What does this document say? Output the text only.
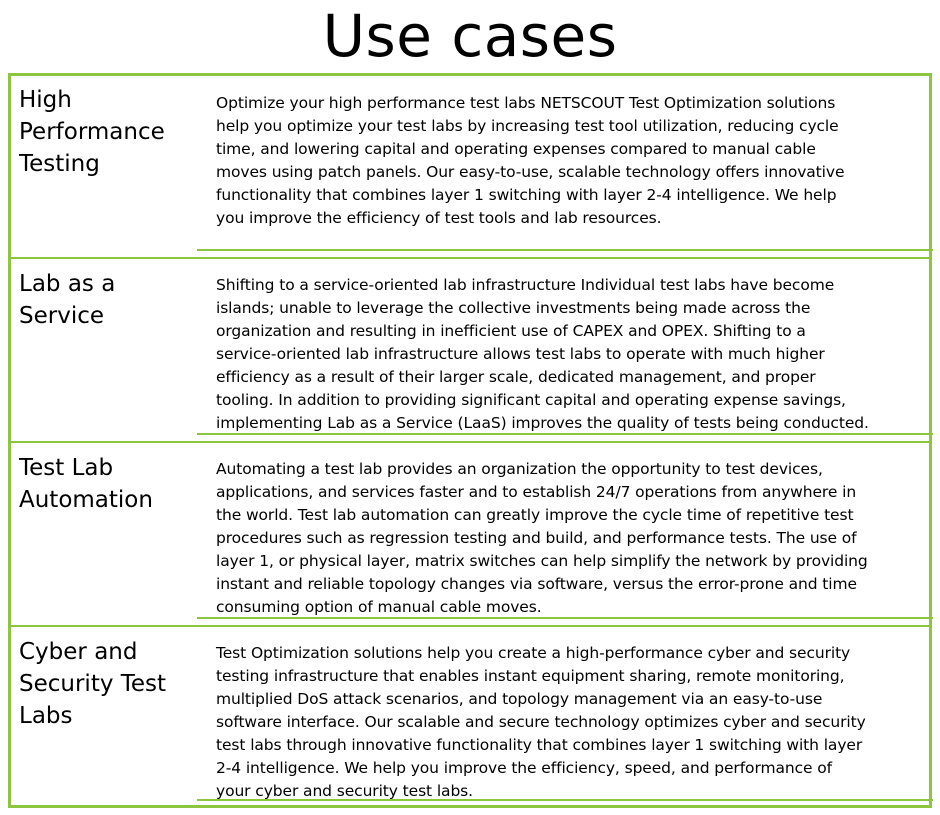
Use cases
High
Performance
Testing
Optimize your high performance test labs NETSCOUT Test Optimization solutions
help you optimize your test labs by increasing test tool utilization, reducing cycle
time, and lowering capital and operating expenses compared to manual cable
moves using patch panels. Our easy-to-use, scalable technology offers innovative
functionality that combines layer 1 switching with layer 2-4 intelligence. We help
you improve the efficiency of test tools and lab resources.
Lab as a
Service
Shifting to a service-oriented lab infrastructure Individual test labs have become
islands; unable to leverage the collective investments being made across the
organization and resulting in inefficient use of CAPEX and OPEX. Shifting to a
service-oriented lab infrastructure allows test labs to operate with much higher
efficiency as a result of their larger scale, dedicated management, and proper
tooling. In addition to providing significant capital and operating expense savings,
implementing Lab as a Service (LaaS) improves the quality of tests being conducted.
Test Lab
Automation
Automating a test lab provides an organization the opportunity to test devices,
applications, and services faster and to establish 24/7 operations from anywhere in
the world. Test lab automation can greatly improve the cycle time of repetitive test
procedures such as regression testing and build, and performance tests. The use of
layer 1, or physical layer, matrix switches can help simplify the network by providing
instant and reliable topology changes via software, versus the error-prone and time
consuming option of manual cable moves.
Cyber and
Security Test
Labs
Test Optimization solutions help you create a high-performance cyber and security
testing infrastructure that enables instant equipment sharing, remote monitoring,
multiplied DoS attack scenarios, and topology management via an easy-to-use
software interface. Our scalable and secure technology optimizes cyber and security
test labs through innovative functionality that combines layer 1 switching with layer
2-4 intelligence. We help you improve the efficiency, speed, and performance of
your cyber and security test labs.
